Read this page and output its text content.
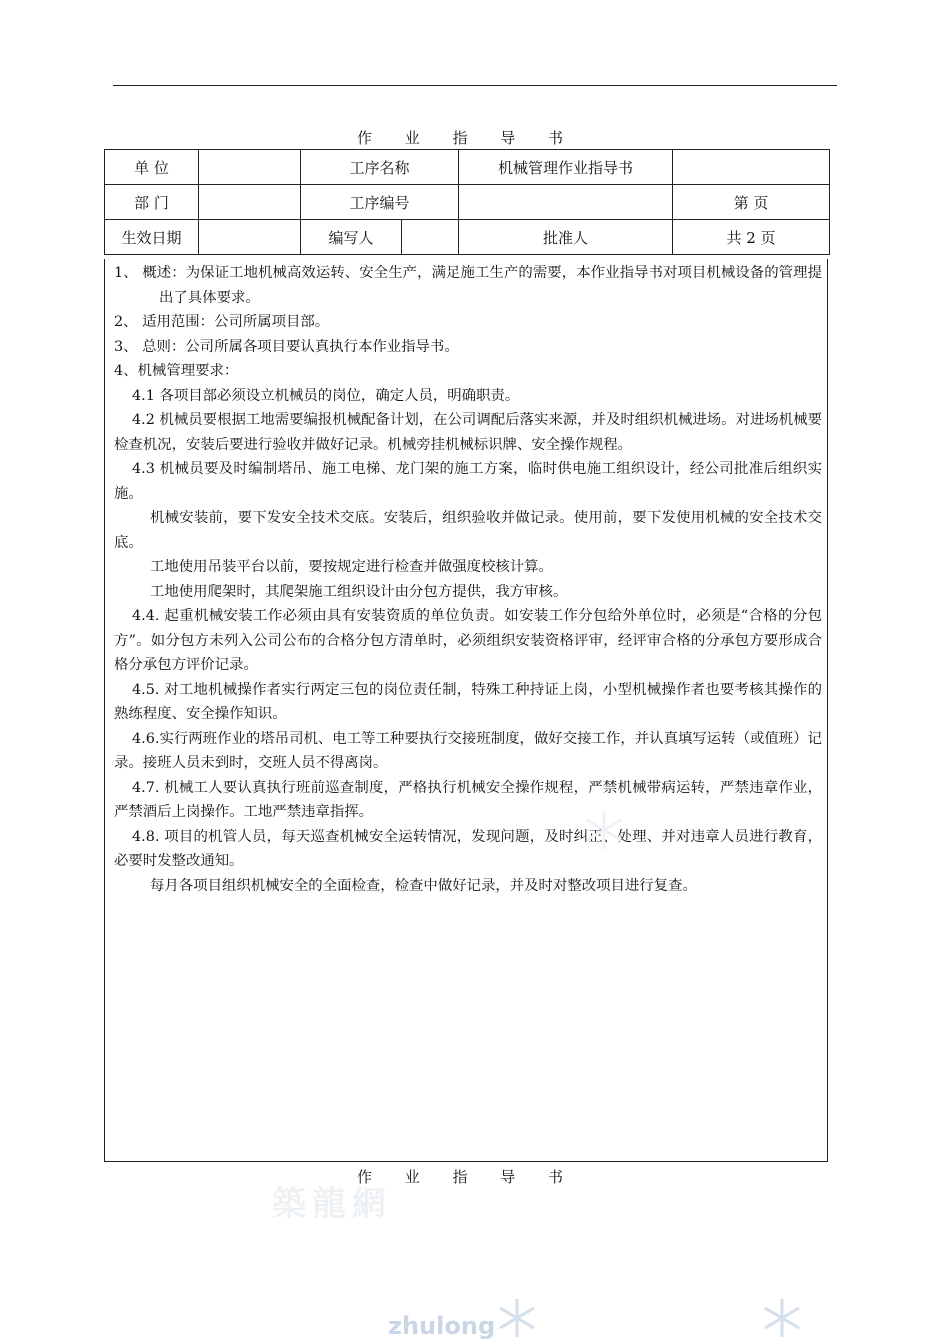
作 业 指 导 书
单 位		工序名称		机械管理作业指导书	
部 门		工序编号			第 页
生效日期		编写人		批准人	共 2 页

1、 概述：为保证工地机械高效运转、安全生产，满足施工生产的需要，本作业指导书对项目机械设备的管理提出了具体要求。

2、 适用范围：公司所属项目部。

3、 总则：公司所属各项目要认真执行本作业指导书。

4、机械管理要求：

4.1 各项目部必须设立机械员的岗位，确定人员，明确职责。

4.2 机械员要根据工地需要编报机械配备计划，在公司调配后落实来源，并及时组织机械进场。对进场机械要检查机况，安装后要进行验收并做好记录。机械旁挂机械标识牌、安全操作规程。

4.3 机械员要及时编制塔吊、施工电梯、龙门架的施工方案，临时供电施工组织设计，经公司批准后组织实施。

机械安装前，要下发安全技术交底。安装后，组织验收并做记录。使用前，要下发使用机械的安全技术交底。

工地使用吊装平台以前，要按规定进行检查并做强度校核计算。

工地使用爬架时，其爬架施工组织设计由分包方提供，我方审核。

4.4. 起重机械安装工作必须由具有安装资质的单位负责。如安装工作分包给外单位时，必须是“合格的分包方”。如分包方未列入公司公布的合格分包方清单时，必须组织安装资格评审，经评审合格的分承包方要形成合格分承包方评价记录。

4.5. 对工地机械操作者实行两定三包的岗位责任制，特殊工种持证上岗，小型机械操作者也要考核其操作的熟练程度、安全操作知识。

4.6.实行两班作业的塔吊司机、电工等工种要执行交接班制度，做好交接工作，并认真填写运转（或值班）记录。接班人员未到时，交班人员不得离岗。

4.7. 机械工人要认真执行班前巡查制度，严格执行机械安全操作规程，严禁机械带病运转，严禁违章作业，严禁酒后上岗操作。工地严禁违章指挥。

4.8. 项目的机管人员，每天巡查机械安全运转情况，发现问题，及时纠正、处理、并对违章人员进行教育，必要时发整改通知。

每月各项目组织机械安全的全面检查，检查中做好记录，并及时对整改项目进行复查。

作 业 指 导 书
築龍網
zhulong
